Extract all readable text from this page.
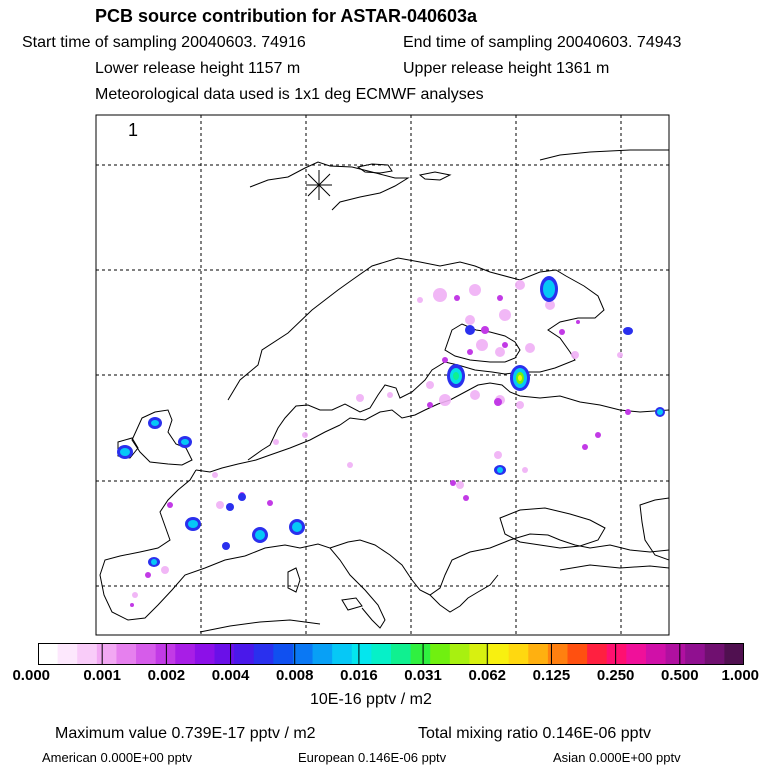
PCB source contribution for ASTAR-040603a
Start time of sampling 20040603. 74916	End time of sampling 20040603. 74943
Lower release height 1157 m	Upper release height 1361 m
Meteorological data used is 1x1 deg ECMWF analyses
1
0.000 0.001 0.002 0.004 0.008 0.016 0.031 0.062 0.125 0.250 0.500 1.000
10E-16 pptv / m2
Maximum value 0.739E-17 pptv / m2	Total mixing ratio 0.146E-06 pptv
American 0.000E+00 pptv	European 0.146E-06 pptv	Asian 0.000E+00 pptv
